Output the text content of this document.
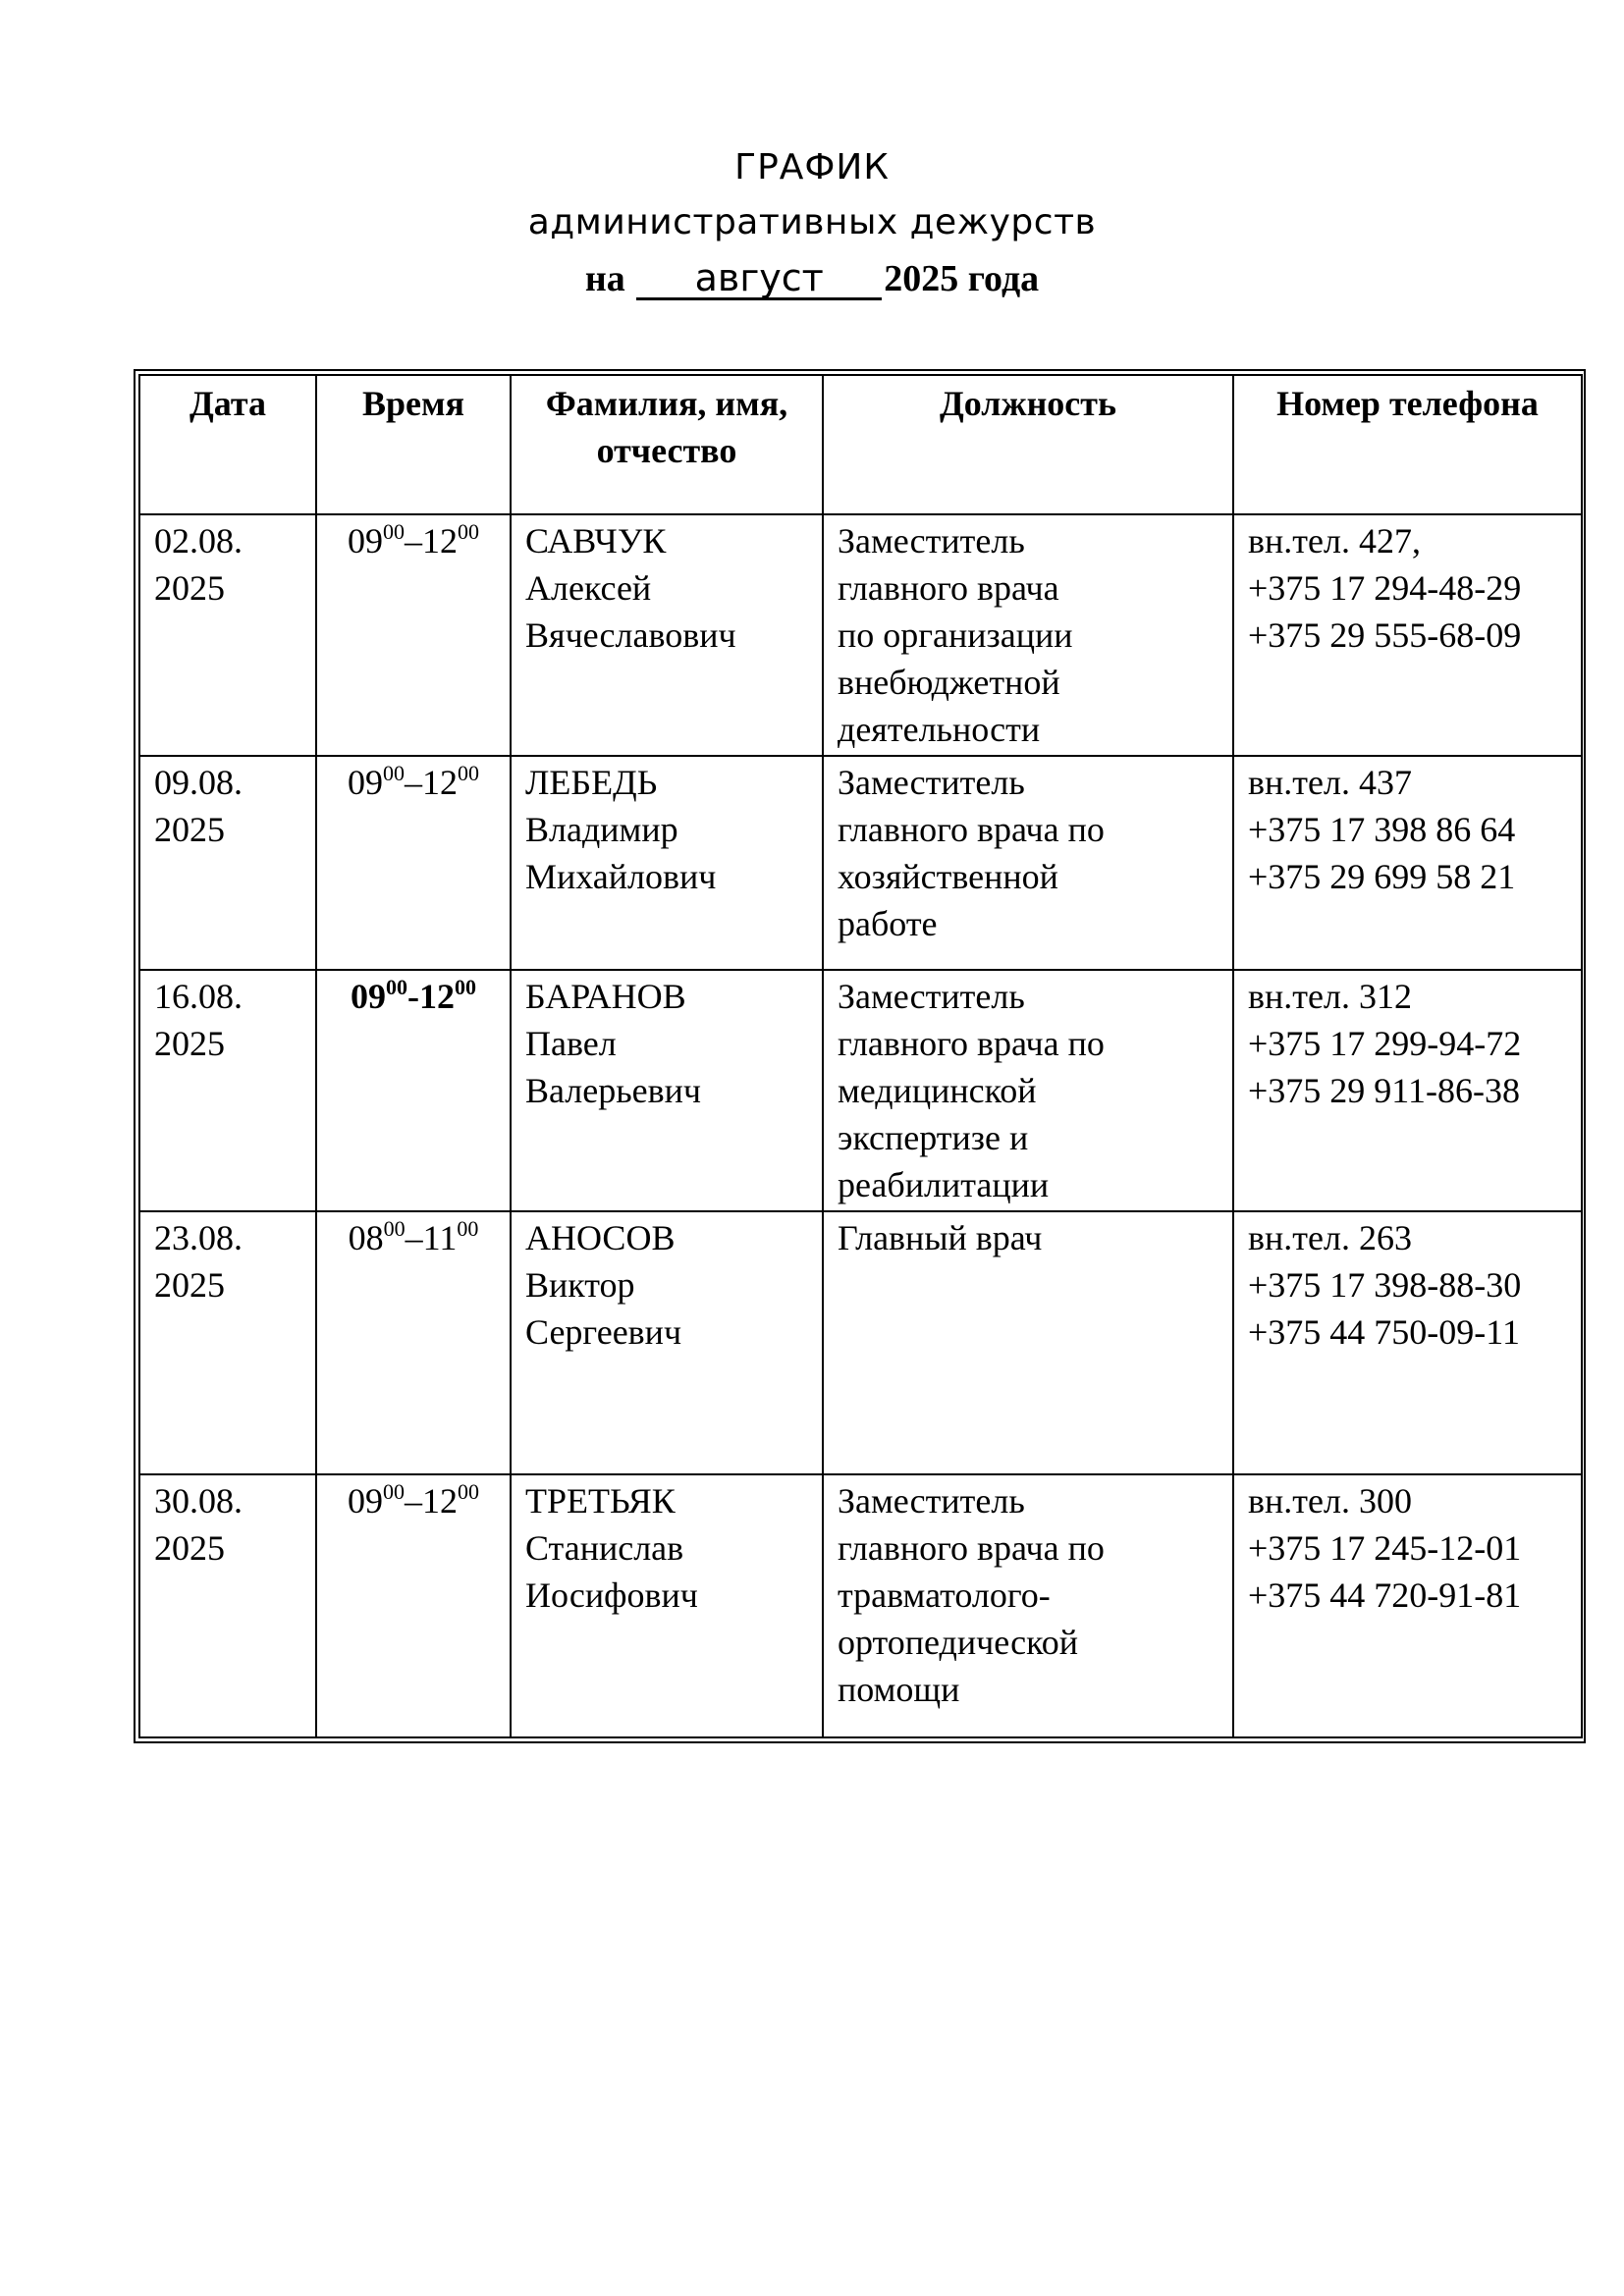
ГРАФИК
административных дежурств
на август 2025 года
Дата	Время	Фамилия, имя, отчество	Должность	Номер телефона

02.08.
2025	$09^{00}-12^{00}$	САВЧУК
Алексей
Вячеславович	Заместитель
главного врача
по организации
внебюджетной
деятельности	вн.тел. 427,
+375 17 294-48-29
+375 29 555-68-09

09.08.
2025	$09^{00}-12^{00}$	ЛЕБЕДЬ
Владимир
Михайлович	Заместитель
главного врача по
хозяйственной
работе	вн.тел. 437
+375 17 398 86 64
+375 29 699 58 21

16.08.
2025	$09^{00}-12^{00}$	БАРАНОВ
Павел
Валерьевич	Заместитель
главного врача по
медицинской
экспертизе и
реабилитации	вн.тел. 312
+375 17 299-94-72
+375 29 911-86-38

23.08.
2025	$08^{00}-11^{00}$	АНОСОВ
Виктор
Сергеевич	Главный врач	вн.тел. 263
+375 17 398-88-30
+375 44 750-09-11

30.08.
2025	$09^{00}-12^{00}$	ТРЕТЬЯК
Станислав
Иосифович	Заместитель
главного врача по
травматолого-
ортопедической
помощи	вн.тел. 300
+375 17 245-12-01
+375 44 720-91-81
